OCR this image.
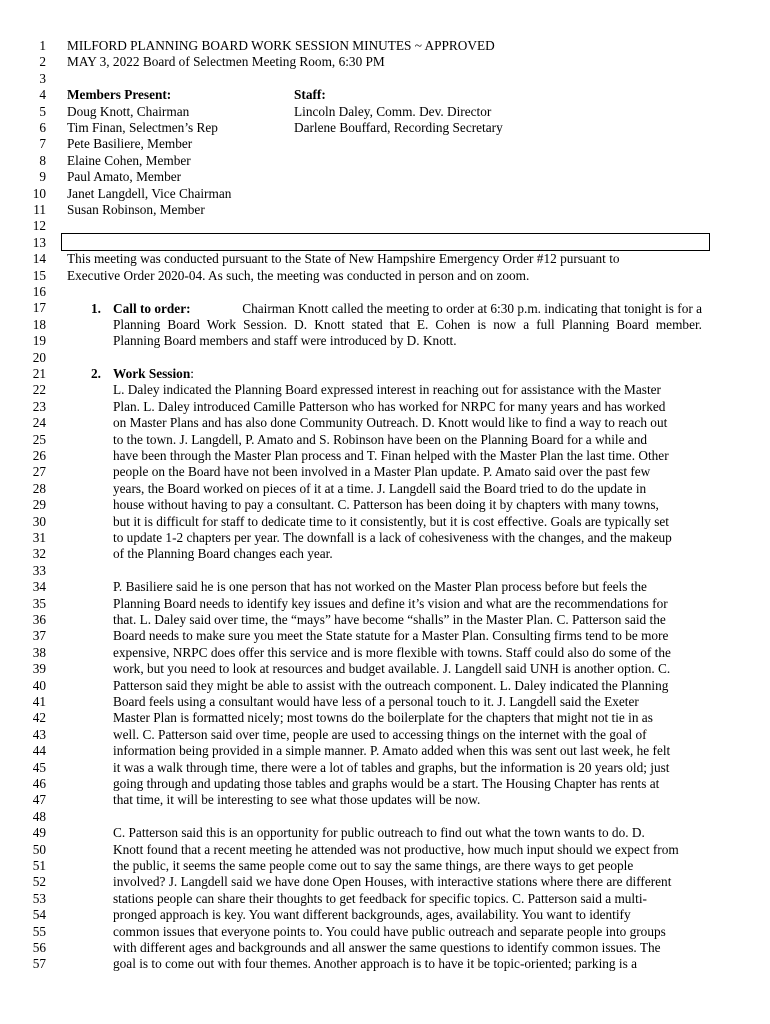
1
2
3
4
5
6
7
8
9
10
11
12
13
14
15
16
17
18
19
20
21
22
23
24
25
26
27
28
29
30
31
32
33
34
35
36
37
38
39
40
41
42
43
44
45
46
47
48
49
50
51
52
53
54
55
56
57
MILFORD PLANNING BOARD WORK SESSION MINUTES ~ APPROVED
MAY 3, 2022 Board of Selectmen Meeting Room, 6:30 PM
Members Present:
Doug Knott, Chairman
Tim Finan, Selectmen’s Rep
Pete Basiliere, Member
Elaine Cohen, Member
Paul Amato, Member
Janet Langdell, Vice Chairman
Susan Robinson, Member
Staff:
Lincoln Daley, Comm. Dev. Director
Darlene Bouffard, Recording Secretary
This meeting was conducted pursuant to the State of New Hampshire Emergency Order #12 pursuant to
Executive Order 2020-04. As such, the meeting was conducted in person and on zoom.
1. Call to order:	Chairman Knott called the meeting to order at 6:30 p.m. indicating that tonight is for a
Planning Board Work Session. D. Knott stated that E. Cohen is now a full Planning Board member.
Planning Board members and staff were introduced by D. Knott.
2. Work Session:
L. Daley indicated the Planning Board expressed interest in reaching out for assistance with the Master
Plan. L. Daley introduced Camille Patterson who has worked for NRPC for many years and has worked
on Master Plans and has also done Community Outreach. D. Knott would like to find a way to reach out
to the town. J. Langdell, P. Amato and S. Robinson have been on the Planning Board for a while and
have been through the Master Plan process and T. Finan helped with the Master Plan the last time. Other
people on the Board have not been involved in a Master Plan update. P. Amato said over the past few
years, the Board worked on pieces of it at a time. J. Langdell said the Board tried to do the update in
house without having to pay a consultant. C. Patterson has been doing it by chapters with many towns,
but it is difficult for staff to dedicate time to it consistently, but it is cost effective. Goals are typically set
to update 1-2 chapters per year. The downfall is a lack of cohesiveness with the changes, and the makeup
of the Planning Board changes each year.
P. Basiliere said he is one person that has not worked on the Master Plan process before but feels the
Planning Board needs to identify key issues and define it’s vision and what are the recommendations for
that. L. Daley said over time, the “mays” have become “shalls” in the Master Plan. C. Patterson said the
Board needs to make sure you meet the State statute for a Master Plan. Consulting firms tend to be more
expensive, NRPC does offer this service and is more flexible with towns. Staff could also do some of the
work, but you need to look at resources and budget available. J. Langdell said UNH is another option. C.
Patterson said they might be able to assist with the outreach component. L. Daley indicated the Planning
Board feels using a consultant would have less of a personal touch to it. J. Langdell said the Exeter
Master Plan is formatted nicely; most towns do the boilerplate for the chapters that might not tie in as
well. C. Patterson said over time, people are used to accessing things on the internet with the goal of
information being provided in a simple manner. P. Amato added when this was sent out last week, he felt
it was a walk through time, there were a lot of tables and graphs, but the information is 20 years old; just
going through and updating those tables and graphs would be a start. The Housing Chapter has rents at
that time, it will be interesting to see what those updates will be now.
C. Patterson said this is an opportunity for public outreach to find out what the town wants to do. D.
Knott found that a recent meeting he attended was not productive, how much input should we expect from
the public, it seems the same people come out to say the same things, are there ways to get people
involved? J. Langdell said we have done Open Houses, with interactive stations where there are different
stations people can share their thoughts to get feedback for specific topics. C. Patterson said a multi-
pronged approach is key. You want different backgrounds, ages, availability. You want to identify
common issues that everyone points to. You could have public outreach and separate people into groups
with different ages and backgrounds and all answer the same questions to identify common issues. The
goal is to come out with four themes. Another approach is to have it be topic-oriented; parking is a
